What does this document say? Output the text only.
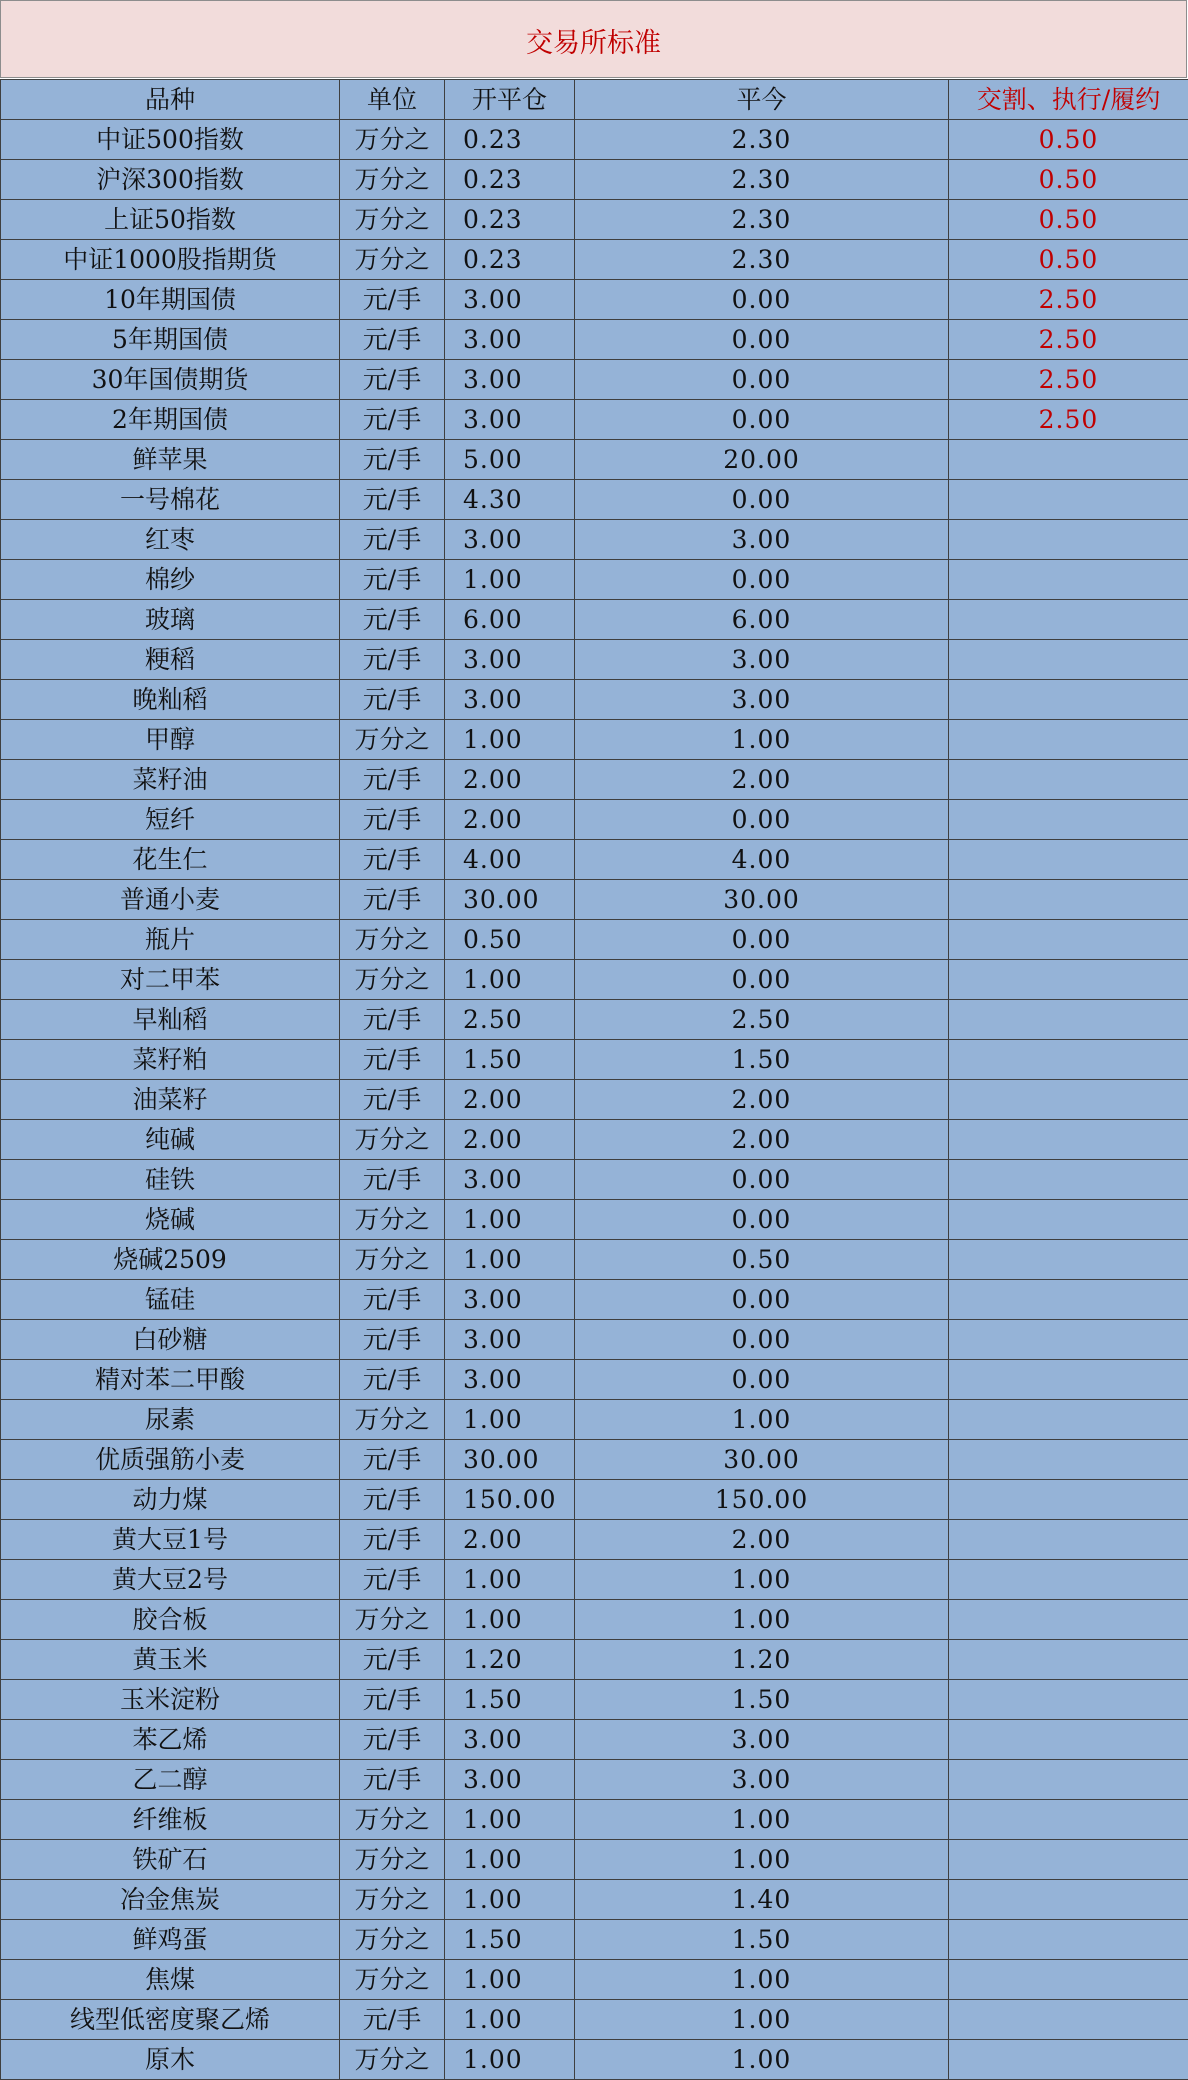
交易所标准
品种	单位	开平仓	平今	交割、执行/履约
中证500指数	万分之	0.23	2.30	0.50
沪深300指数	万分之	0.23	2.30	0.50
上证50指数	万分之	0.23	2.30	0.50
中证1000股指期货	万分之	0.23	2.30	0.50
10年期国债	元/手	3.00	0.00	2.50
5年期国债	元/手	3.00	0.00	2.50
30年国债期货	元/手	3.00	0.00	2.50
2年期国债	元/手	3.00	0.00	2.50
鲜苹果	元/手	5.00	20.00	
一号棉花	元/手	4.30	0.00	
红枣	元/手	3.00	3.00	
棉纱	元/手	1.00	0.00	
玻璃	元/手	6.00	6.00	
粳稻	元/手	3.00	3.00	
晚籼稻	元/手	3.00	3.00	
甲醇	万分之	1.00	1.00	
菜籽油	元/手	2.00	2.00	
短纤	元/手	2.00	0.00	
花生仁	元/手	4.00	4.00	
普通小麦	元/手	30.00	30.00	
瓶片	万分之	0.50	0.00	
对二甲苯	万分之	1.00	0.00	
早籼稻	元/手	2.50	2.50	
菜籽粕	元/手	1.50	1.50	
油菜籽	元/手	2.00	2.00	
纯碱	万分之	2.00	2.00	
硅铁	元/手	3.00	0.00	
烧碱	万分之	1.00	0.00	
烧碱2509	万分之	1.00	0.50	
锰硅	元/手	3.00	0.00	
白砂糖	元/手	3.00	0.00	
精对苯二甲酸	元/手	3.00	0.00	
尿素	万分之	1.00	1.00	
优质强筋小麦	元/手	30.00	30.00	
动力煤	元/手	150.00	150.00	
黄大豆1号	元/手	2.00	2.00	
黄大豆2号	元/手	1.00	1.00	
胶合板	万分之	1.00	1.00	
黄玉米	元/手	1.20	1.20	
玉米淀粉	元/手	1.50	1.50	
苯乙烯	元/手	3.00	3.00	
乙二醇	元/手	3.00	3.00	
纤维板	万分之	1.00	1.00	
铁矿石	万分之	1.00	1.00	
冶金焦炭	万分之	1.00	1.40	
鲜鸡蛋	万分之	1.50	1.50	
焦煤	万分之	1.00	1.00	
线型低密度聚乙烯	元/手	1.00	1.00	
原木	万分之	1.00	1.00	
